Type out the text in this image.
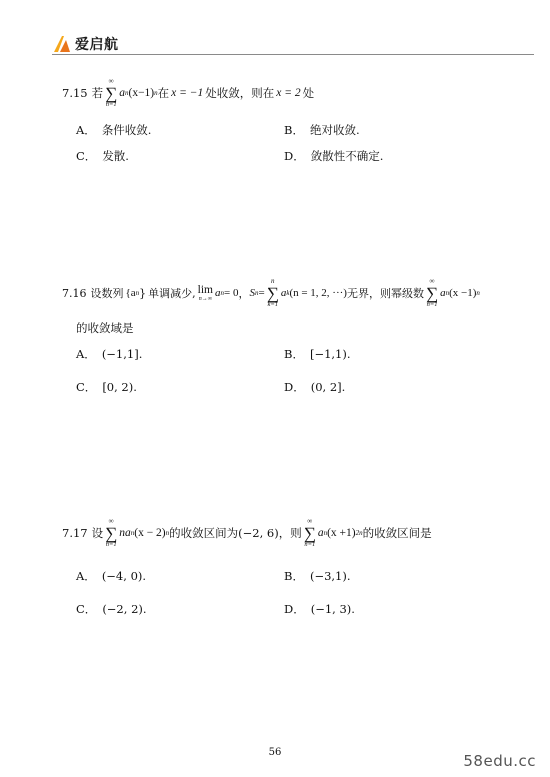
爱启航
7.15 若
∞
∑
n=1
a n (x−1) n 在 x = −1 处收敛，则在 x = 2 处
A． 条件收敛.	B． 绝对收敛.
C． 发散.	D． 敛散性不确定.
7.16 设数列 {a n } 单调减少, lim
n→∞ a n = 0 ， S n =
n
∑
k=1
a k (n = 1, 2, ···) 无界，则幂级数
∞
∑
n=1
a n (x −1) n
的收敛域是
A． (−1,1].	B． [−1,1).
C． [0, 2).	D． (0, 2].
7.17 设
∞
∑
n=1
na n (x − 2) n 的收敛区间为(−2, 6)，则
∞
∑
n=1
a n (x +1) 2n 的收敛区间是
A． (−4, 0).	B． (−3,1).
C． (−2, 2).	D． (−1, 3).
56	58edu.cc
